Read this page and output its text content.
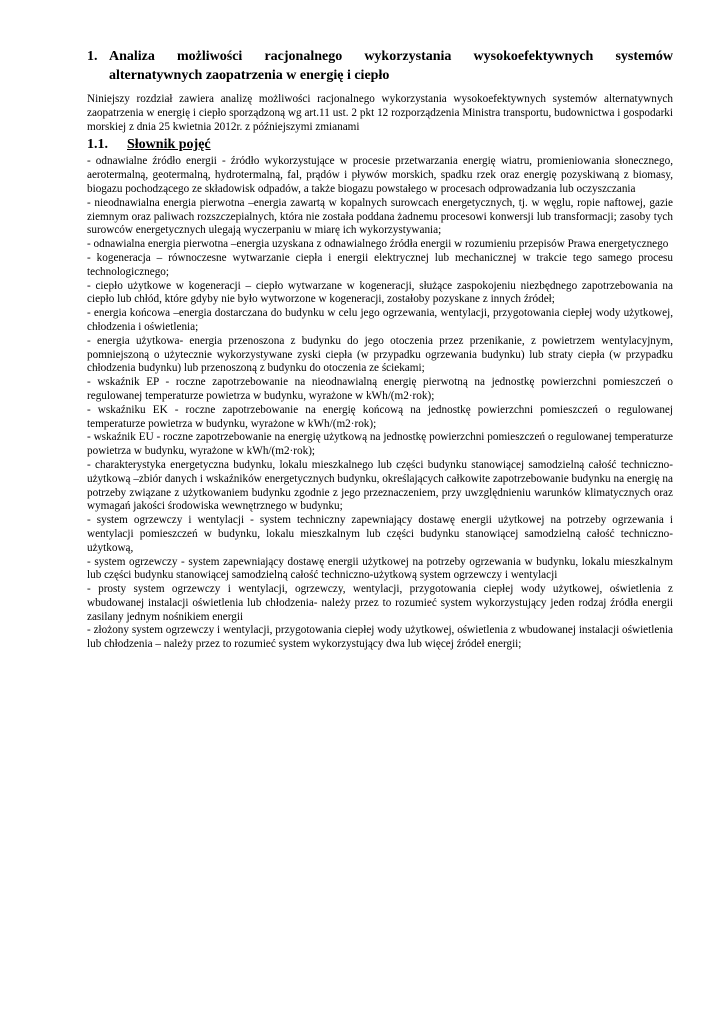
1. Analiza możliwości racjonalnego wykorzystania wysokoefektywnych systemów alternatywnych zaopatrzenia w energię i ciepło

Niniejszy rozdział zawiera analizę możliwości racjonalnego wykorzystania wysokoefektywnych systemów alternatywnych zaopatrzenia w energię i ciepło sporządzoną wg art.11 ust. 2 pkt 12 rozporządzenia Ministra transportu, budownictwa i gospodarki morskiej z dnia 25 kwietnia 2012r. z późniejszymi zmianami

1.1.	Słownik pojęć

- odnawialne źródło energii - źródło wykorzystujące w procesie przetwarzania energię wiatru, promieniowania słonecznego, aerotermalną, geotermalną, hydrotermalną, fal, prądów i pływów morskich, spadku rzek oraz energię pozyskiwaną z biomasy, biogazu pochodzącego ze składowisk odpadów, a także biogazu powstałego w procesach odprowadzania lub oczyszczania

- nieodnawialna energia pierwotna –energia zawartą w kopalnych surowcach energetycznych, tj. w węglu, ropie naftowej, gazie ziemnym oraz paliwach rozszczepialnych, która nie została poddana żadnemu procesowi konwersji lub transformacji; zasoby tych surowców energetycznych ulegają wyczerpaniu w miarę ich wykorzystywania;

- odnawialna energia pierwotna –energia uzyskana z odnawialnego źródła energii w rozumieniu przepisów Prawa energetycznego

- kogeneracja – równoczesne wytwarzanie ciepła i energii elektrycznej lub mechanicznej w trakcie tego samego procesu technologicznego;

- ciepło użytkowe w kogeneracji – ciepło wytwarzane w kogeneracji, służące zaspokojeniu niezbędnego zapotrzebowania na ciepło lub chłód, które gdyby nie było wytworzone w kogeneracji, zostałoby pozyskane z innych źródeł;

- energia końcowa –energia dostarczana do budynku w celu jego ogrzewania, wentylacji, przygotowania ciepłej wody użytkowej, chłodzenia i oświetlenia;

- energia użytkowa- energia przenoszona z budynku do jego otoczenia przez przenikanie, z powietrzem wentylacyjnym, pomniejszoną o użytecznie wykorzystywane zyski ciepła (w przypadku ogrzewania budynku) lub straty ciepła (w przypadku chłodzenia budynku) lub przenoszoną z budynku do otoczenia ze ściekami;

- wskaźnik EP - roczne zapotrzebowanie na nieodnawialną energię pierwotną na jednostkę powierzchni pomieszczeń o regulowanej temperaturze powietrza w budynku, wyrażone w kWh/(m2·rok);

- wskaźniku EK - roczne zapotrzebowanie na energię końcową na jednostkę powierzchni pomieszczeń o regulowanej temperaturze powietrza w budynku, wyrażone w kWh/(m2·rok);

- wskaźnik EU - roczne zapotrzebowanie na energię użytkową na jednostkę powierzchni pomieszczeń o regulowanej temperaturze powietrza w budynku, wyrażone w kWh/(m2·rok);

- charakterystyka energetyczna budynku, lokalu mieszkalnego lub części budynku stanowiącej samodzielną całość techniczno-użytkową –zbiór danych i wskaźników energetycznych budynku, określających całkowite zapotrzebowanie budynku na energię na potrzeby związane z użytkowaniem budynku zgodnie z jego przeznaczeniem, przy uwzględnieniu warunków klimatycznych oraz wymagań jakości środowiska wewnętrznego w budynku;

- system ogrzewczy i wentylacji - system techniczny zapewniający dostawę energii użytkowej na potrzeby ogrzewania i wentylacji pomieszczeń w budynku, lokalu mieszkalnym lub części budynku stanowiącej samodzielną całość techniczno-użytkową,

- system ogrzewczy - system zapewniający dostawę energii użytkowej na potrzeby ogrzewania w budynku, lokalu mieszkalnym lub części budynku stanowiącej samodzielną całość techniczno-użytkową system ogrzewczy i wentylacji

- prosty system ogrzewczy i wentylacji, ogrzewczy, wentylacji, przygotowania ciepłej wody użytkowej, oświetlenia z wbudowanej instalacji oświetlenia lub chłodzenia- należy przez to rozumieć system wykorzystujący jeden rodzaj źródła energii zasilany jednym nośnikiem energii

- złożony system ogrzewczy i wentylacji, przygotowania ciepłej wody użytkowej, oświetlenia z wbudowanej instalacji oświetlenia lub chłodzenia – należy przez to rozumieć system wykorzystujący dwa lub więcej źródeł energii;
